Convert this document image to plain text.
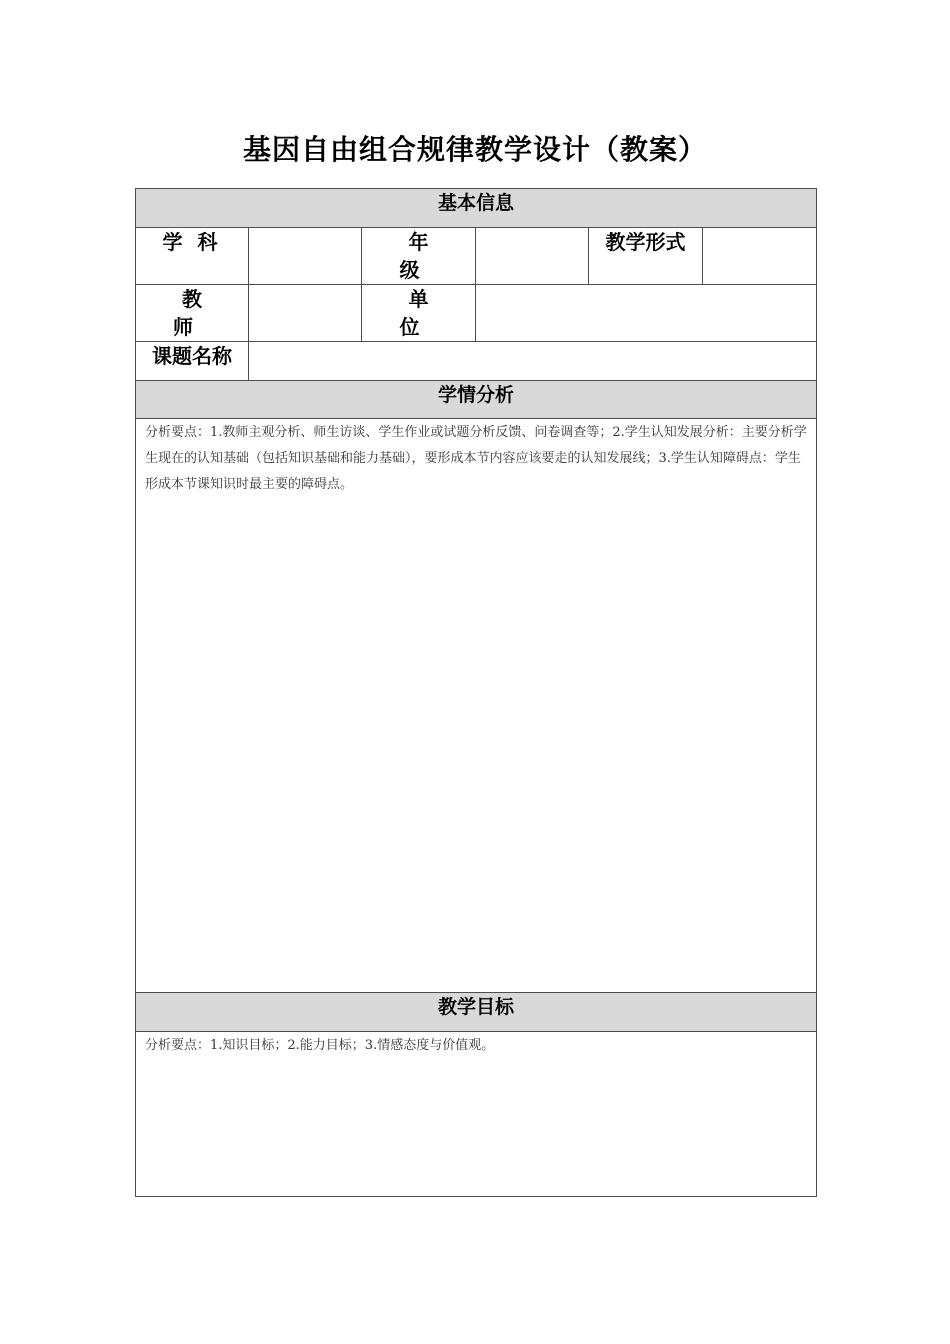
基因自由组合规律教学设计（教案）
基本信息					
学 科		年 级		教学形式	
教 师		单 位			
课题名称					
学情分析					
分析要点：1.教师主观分析、师生访谈、学生作业或试题分析反馈、问卷调查等；2.学生认知发展分析：主要分析学生现在的认知基础（包括知识基础和能力基础），要形成本节内容应该要走的认知发展线；3.学生认知障碍点：学生形成本节课知识时最主要的障碍点。					
教学目标					
分析要点：1.知识目标；2.能力目标；3.情感态度与价值观。					
